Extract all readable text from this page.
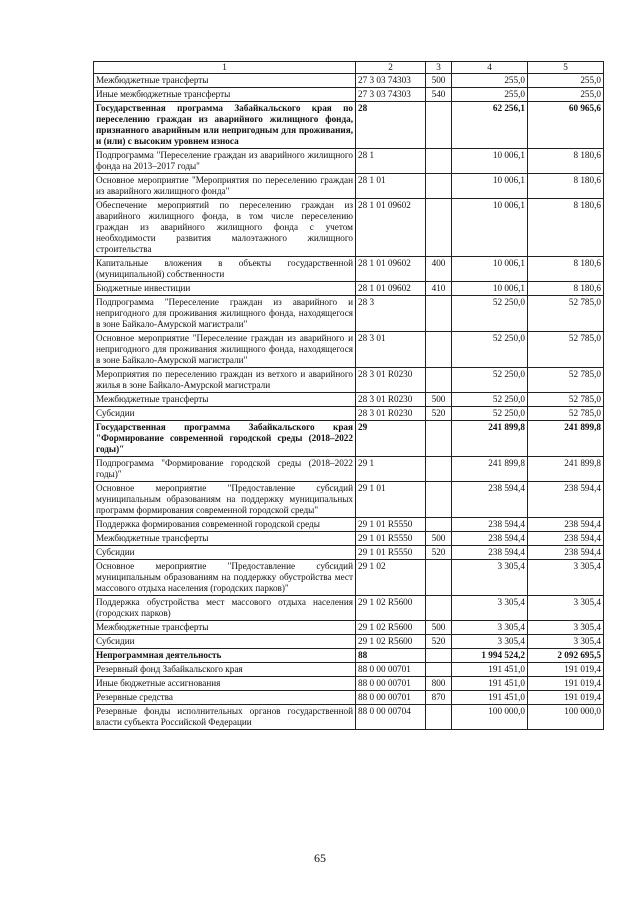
1	2	3	4	5
Межбюджетные трансферты	27 3 03 74303	500	255,0	255,0
Иные межбюджетные трансферты	27 3 03 74303	540	255,0	255,0
Государственная программа Забайкальского края по переселению граждан из аварийного жилищного фонда, признанного аварийным или непригодным для проживания, и (или) с высоким уровнем износа	28		62 256,1	60 965,6
Подпрограмма "Переселение граждан из аварийного жилищного фонда на 2013–2017 годы"	28 1		10 006,1	8 180,6
Основное мероприятие "Мероприятия по переселению граждан из аварийного жилищного фонда"	28 1 01		10 006,1	8 180,6
Обеспечение мероприятий по переселению граждан из аварийного жилищного фонда, в том числе переселению граждан из аварийного жилищного фонда с учетом необходимости развития малоэтажного жилищного строительства	28 1 01 09602		10 006,1	8 180,6
Капитальные вложения в объекты государственной (муниципальной) собственности	28 1 01 09602	400	10 006,1	8 180,6
Бюджетные инвестиции	28 1 01 09602	410	10 006,1	8 180,6
Подпрограмма "Переселение граждан из аварийного и непригодного для проживания жилищного фонда, находящегося в зоне Байкало-Амурской магистрали"	28 3		52 250,0	52 785,0
Основное мероприятие "Переселение граждан из аварийного и непригодного для проживания жилищного фонда, находящегося в зоне Байкало-Амурской магистрали"	28 3 01		52 250,0	52 785,0
Мероприятия по переселению граждан из ветхого и аварийного жилья в зоне Байкало-Амурской магистрали	28 3 01 R0230		52 250,0	52 785,0
Межбюджетные трансферты	28 3 01 R0230	500	52 250,0	52 785,0
Субсидии	28 3 01 R0230	520	52 250,0	52 785,0
Государственная программа Забайкальского края "Формирование современной городской среды (2018–2022 годы)"	29		241 899,8	241 899,8
Подпрограмма "Формирование городской среды (2018–2022 годы)"	29 1		241 899,8	241 899,8
Основное мероприятие "Предоставление субсидий муниципальным образованиям на поддержку муниципальных программ формирования современной городской среды"	29 1 01		238 594,4	238 594,4
Поддержка формирования современной городской среды	29 1 01 R5550		238 594,4	238 594,4
Межбюджетные трансферты	29 1 01 R5550	500	238 594,4	238 594,4
Субсидии	29 1 01 R5550	520	238 594,4	238 594,4
Основное мероприятие "Предоставление субсидий муниципальным образованиям на поддержку обустройства мест массового отдыха населения (городских парков)"	29 1 02		3 305,4	3 305,4
Поддержка обустройства мест массового отдыха населения (городских парков)	29 1 02 R5600		3 305,4	3 305,4
Межбюджетные трансферты	29 1 02 R5600	500	3 305,4	3 305,4
Субсидии	29 1 02 R5600	520	3 305,4	3 305,4
Непрограммная деятельность	88		1 994 524,2	2 092 695,5
Резервный фонд Забайкальского края	88 0 00 00701		191 451,0	191 019,4
Иные бюджетные ассигнования	88 0 00 00701	800	191 451,0	191 019,4
Резервные средства	88 0 00 00701	870	191 451,0	191 019,4
Резервные фонды исполнительных органов государственной власти субъекта Российской Федерации	88 0 00 00704		100 000,0	100 000,0
65
